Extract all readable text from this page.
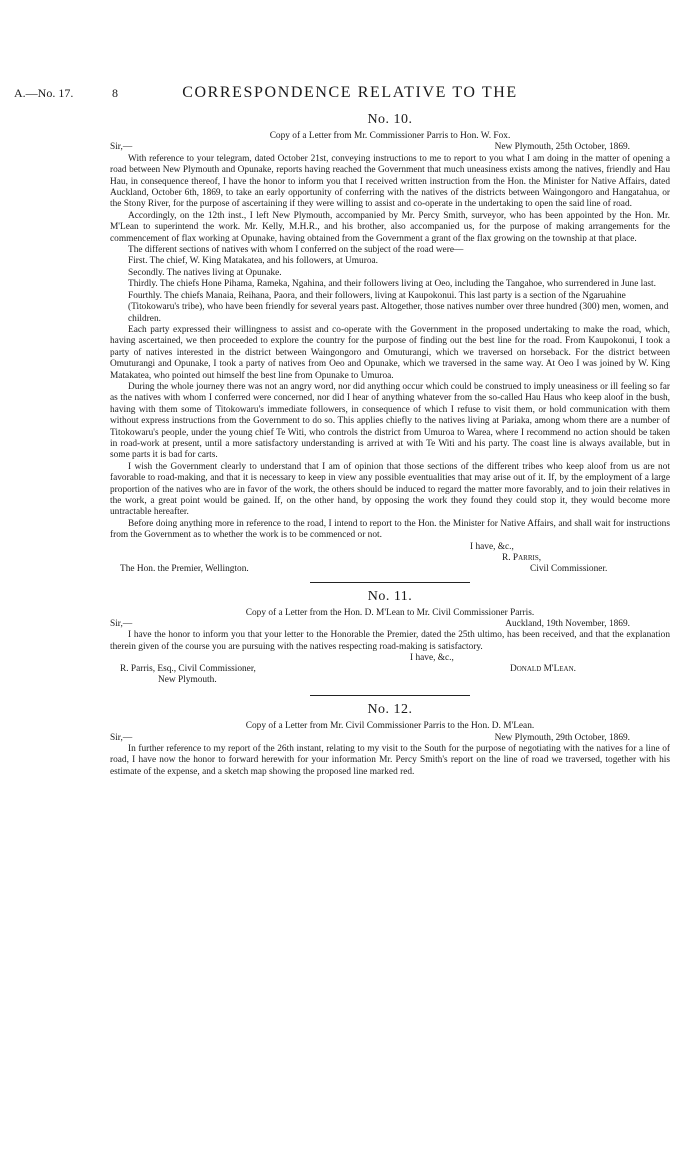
A.—No. 17.	8	CORRESPONDENCE RELATIVE TO THE

No. 10.

Copy of a Letter from Mr. Commissioner Parris to Hon. W. Fox.

Sir,—	New Plymouth, 25th October, 1869.

With reference to your telegram, dated October 21st, conveying instructions to me to report to you what I am doing in the matter of opening a road between New Plymouth and Opunake, reports having reached the Government that much uneasiness exists among the natives, friendly and Hau Hau, in consequence thereof, I have the honor to inform you that I received written instruction from the Hon. the Minister for Native Affairs, dated Auckland, October 6th, 1869, to take an early opportunity of conferring with the natives of the districts between Waingongoro and Hangatahua, or the Stony River, for the purpose of ascertaining if they were willing to assist and co-operate in the undertaking to open the said line of road.

Accordingly, on the 12th inst., I left New Plymouth, accompanied by Mr. Percy Smith, surveyor, who has been appointed by the Hon. Mr. M'Lean to superintend the work. Mr. Kelly, M.H.R., and his brother, also accompanied us, for the purpose of making arrangements for the commencement of flax working at Opunake, having obtained from the Government a grant of the flax growing on the township at that place.

The different sections of natives with whom I conferred on the subject of the road were—

First. The chief, W. King Matakatea, and his followers, at Umuroa.

Secondly. The natives living at Opunake.

Thirdly. The chiefs Hone Pihama, Rameka, Ngahina, and their followers living at Oeo, including the Tangahoe, who surrendered in June last.

Fourthly. The chiefs Manaia, Reihana, Paora, and their followers, living at Kaupokonui. This last party is a section of the Ngaruahine (Titokowaru's tribe), who have been friendly for several years past. Altogether, those natives number over three hundred (300) men, women, and children.

Each party expressed their willingness to assist and co-operate with the Government in the proposed undertaking to make the road, which, having ascertained, we then proceeded to explore the country for the purpose of finding out the best line for the road. From Kaupokonui, I took a party of natives interested in the district between Waingongoro and Omuturangi, which we traversed on horseback. For the district between Omuturangi and Opunake, I took a party of natives from Oeo and Opunake, which we traversed in the same way. At Oeo I was joined by W. King Matakatea, who pointed out himself the best line from Opunake to Umuroa.

During the whole journey there was not an angry word, nor did anything occur which could be construed to imply uneasiness or ill feeling so far as the natives with whom I conferred were concerned, nor did I hear of anything whatever from the so-called Hau Haus who keep aloof in the bush, having with them some of Titokowaru's immediate followers, in consequence of which I refuse to visit them, or hold communication with them without express instructions from the Government to do so. This applies chiefly to the natives living at Pariaka, among whom there are a number of Titokowaru's people, under the young chief Te Witi, who controls the district from Umuroa to Warea, where I recommend no action should be taken in road-work at present, until a more satisfactory understanding is arrived at with Te Witi and his party. The coast line is always available, but in some parts it is bad for carts.

I wish the Government clearly to understand that I am of opinion that those sections of the different tribes who keep aloof from us are not favorable to road-making, and that it is necessary to keep in view any possible eventualities that may arise out of it. If, by the employment of a large proportion of the natives who are in favor of the work, the others should be induced to regard the matter more favorably, and to join their relatives in the work, a great point would be gained. If, on the other hand, by opposing the work they found they could stop it, they would become more untractable hereafter.

Before doing anything more in reference to the road, I intend to report to the Hon. the Minister for Native Affairs, and shall wait for instructions from the Government as to whether the work is to be commenced or not.

I have, &c.,
R. Parris,
Civil Commissioner.
The Hon. the Premier, Wellington.

No. 11.

Copy of a Letter from the Hon. D. M'Lean to Mr. Civil Commissioner Parris.

Sir,—	Auckland, 19th November, 1869.

I have the honor to inform you that your letter to the Honorable the Premier, dated the 25th ultimo, has been received, and that the explanation therein given of the course you are pursuing with the natives respecting road-making is satisfactory.

I have, &c.,
Donald M'Lean.
R. Parris, Esq., Civil Commissioner,
New Plymouth.

No. 12.

Copy of a Letter from Mr. Civil Commissioner Parris to the Hon. D. M'Lean.

Sir,—	New Plymouth, 29th October, 1869.

In further reference to my report of the 26th instant, relating to my visit to the South for the purpose of negotiating with the natives for a line of road, I have now the honor to forward herewith for your information Mr. Percy Smith's report on the line of road we traversed, together with his estimate of the expense, and a sketch map showing the proposed line marked red.
